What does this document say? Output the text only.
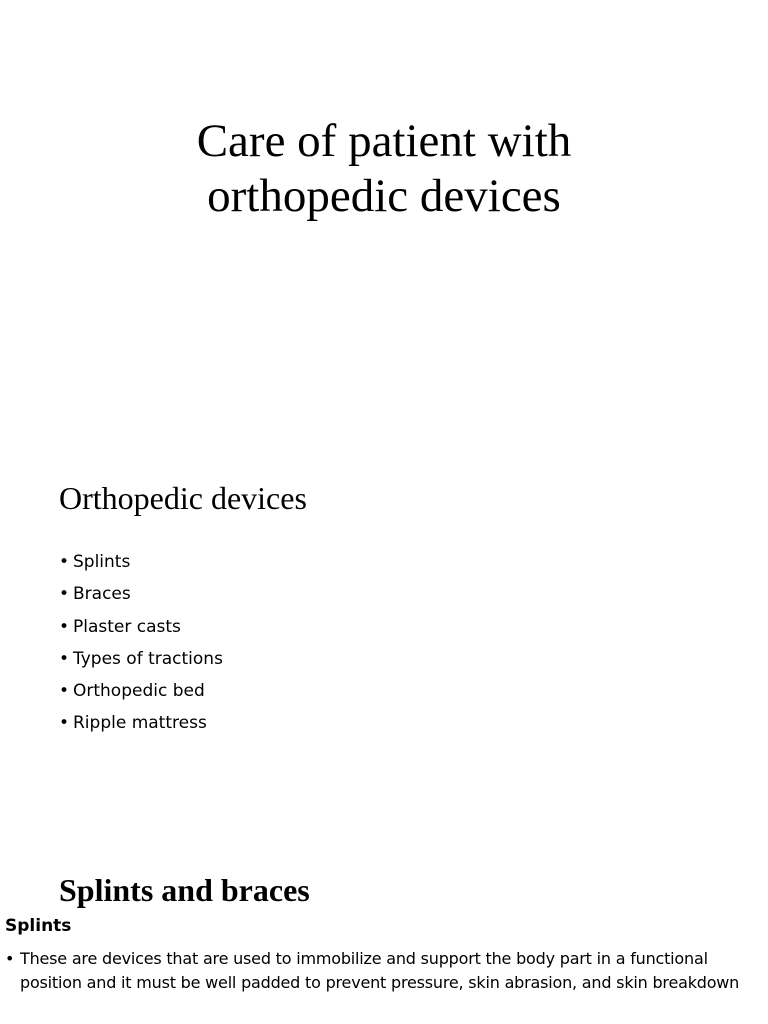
Care of patient with
orthopedic devices
Orthopedic devices
• Splints
• Braces
• Plaster casts
• Types of tractions
• Orthopedic bed
• Ripple mattress
Splints and braces

Splints

• These are devices that are used to immobilize and support the body part in a functional position and it must be well padded to prevent pressure, skin abrasion, and skin breakdown
